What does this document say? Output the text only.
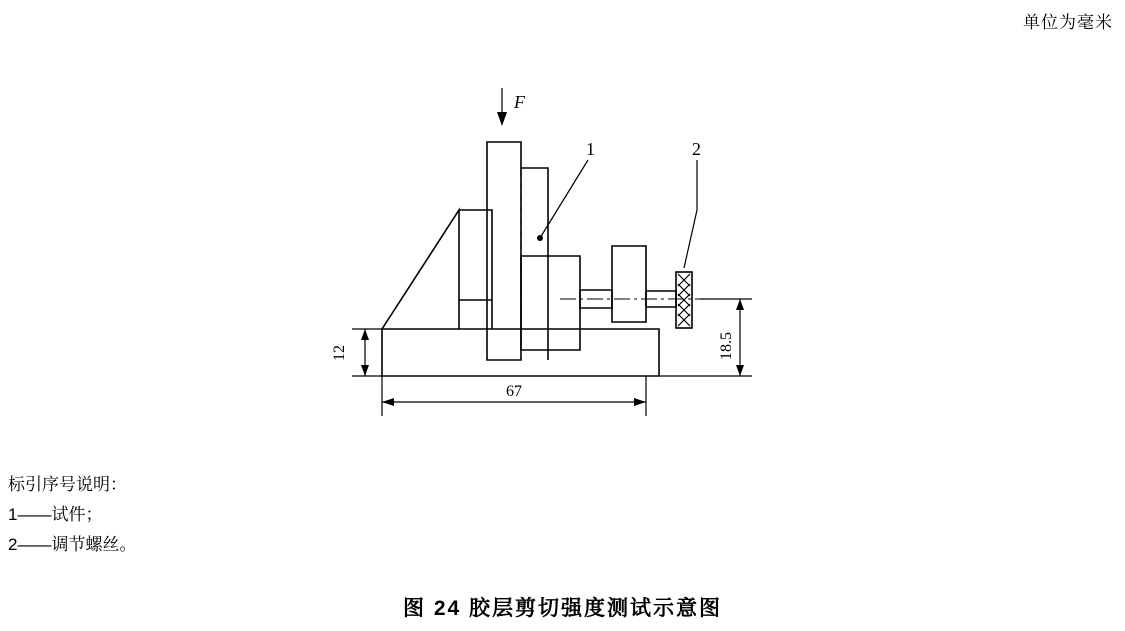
单位为毫米
F
1	2
12	18.5
67
标引序号说明：
1——试件；
2——调节螺丝。
图 24 胶层剪切强度测试示意图
